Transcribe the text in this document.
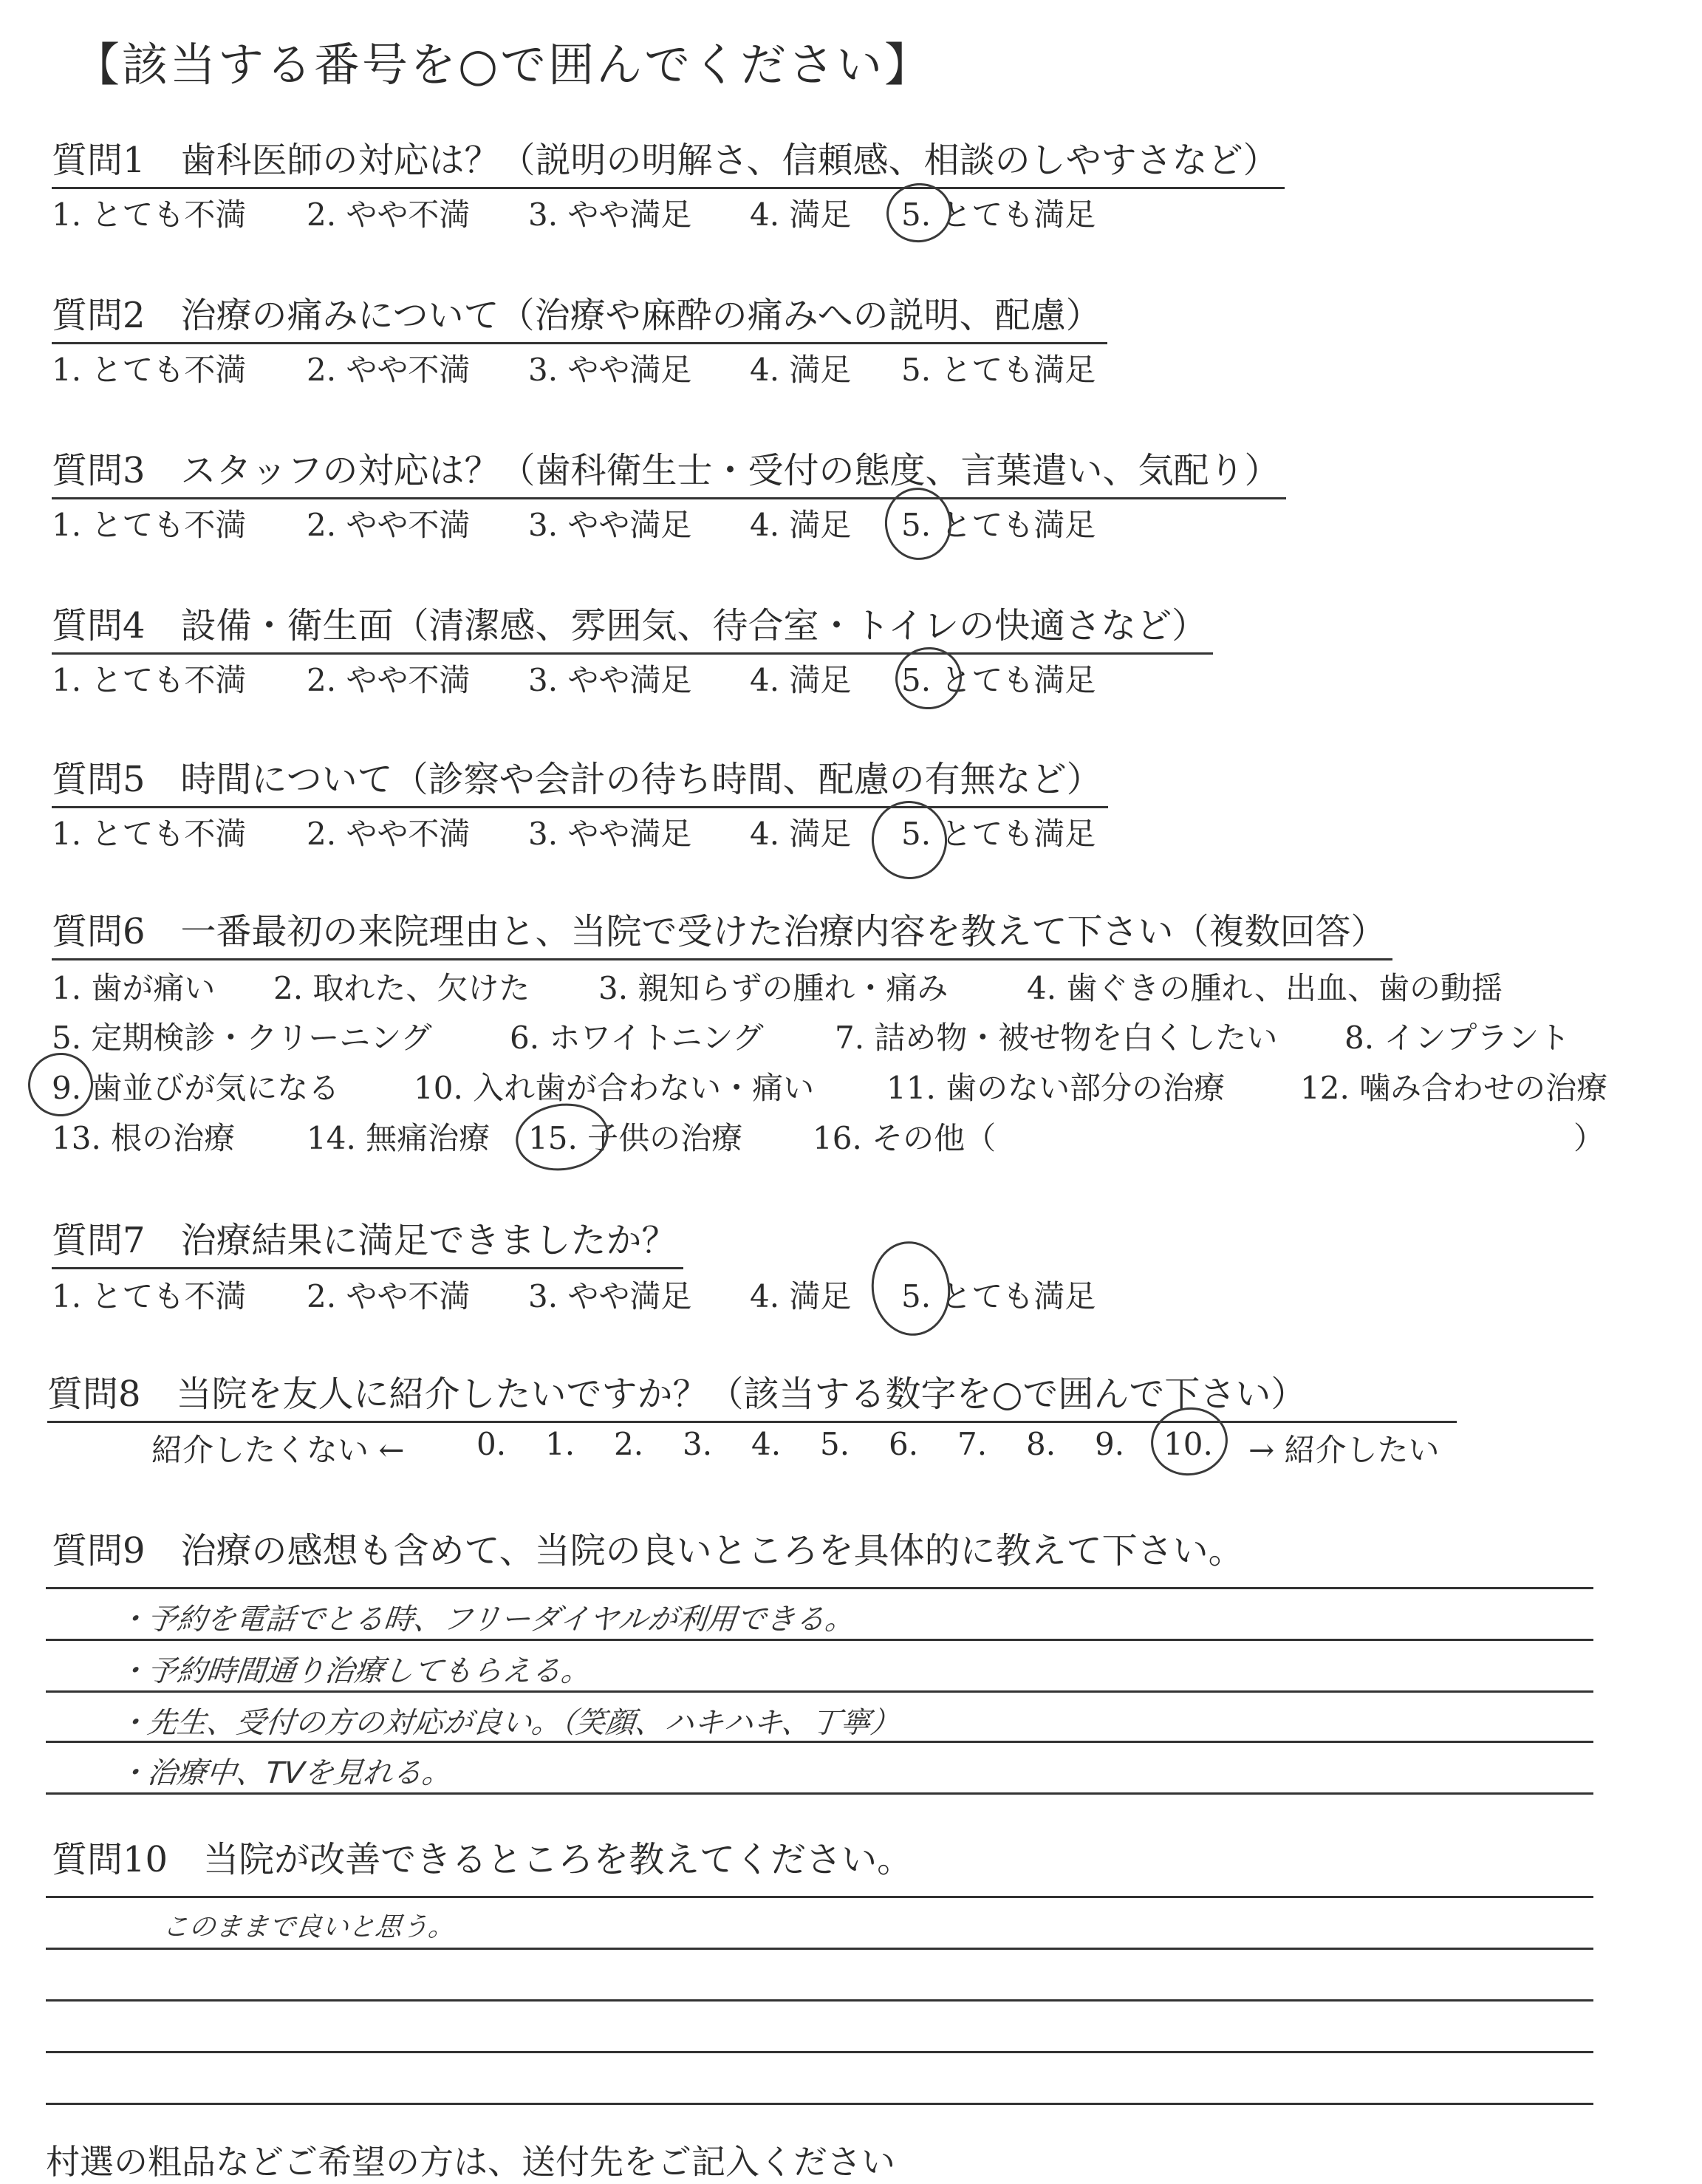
【該当する番号を○で囲んでください】
質問1　歯科医師の対応は？（説明の明解さ、信頼感、相談のしやすさなど）
1. とても不満 2. やや不満 3. やや満足 4. 満足 5. とても満足
質問2　治療の痛みについて（治療や麻酔の痛みへの説明、配慮）
1. とても不満 2. やや不満 3. やや満足 4. 満足 5. とても満足
質問3　スタッフの対応は？（歯科衛生士・受付の態度、言葉遣い、気配り）
1. とても不満 2. やや不満 3. やや満足 4. 満足 5. とても満足
質問4　設備・衛生面（清潔感、雰囲気、待合室・トイレの快適さなど）
1. とても不満 2. やや不満 3. やや満足 4. 満足 5. とても満足
質問5　時間について（診察や会計の待ち時間、配慮の有無など）
1. とても不満 2. やや不満 3. やや満足 4. 満足 5. とても満足
質問6　一番最初の来院理由と、当院で受けた治療内容を教えて下さい（複数回答）
1. 歯が痛い 2. 取れた、欠けた 3. 親知らずの腫れ・痛み	4. 歯ぐきの腫れ、出血、歯の動揺
5. 定期検診・クリーニング	6. ホワイトニング 7. 詰め物・被せ物を白くしたい 8. インプラント
9. 歯並びが気になる 10. 入れ歯が合わない・痛い 11. 歯のない部分の治療 12. 噛み合わせの治療
13. 根の治療 14. 無痛治療 15. 子供の治療 16. その他（	）
質問7　治療結果に満足できましたか？
1. とても不満 2. やや不満 3. やや満足 4. 満足 5. とても満足
質問8　当院を友人に紹介したいですか？（該当する数字を○で囲んで下さい）
紹介したくない ← 0. 1. 2. 3. 4. 5. 6. 7. 8. 9. 10. → 紹介したい
質問9　治療の感想も含めて、当院の良いところを具体的に教えて下さい。
・予約を電話でとる時、フリーダイヤルが利用できる。
・予約時間通り治療してもらえる。
・先生、受付の方の対応が良い。（笑顔、ハキハキ、丁寧）
・治療中、TVを見れる。
質問10　当院が改善できるところを教えてください。
このままで良いと思う。
村選の粗品などご希望の方は、送付先をご記入ください
